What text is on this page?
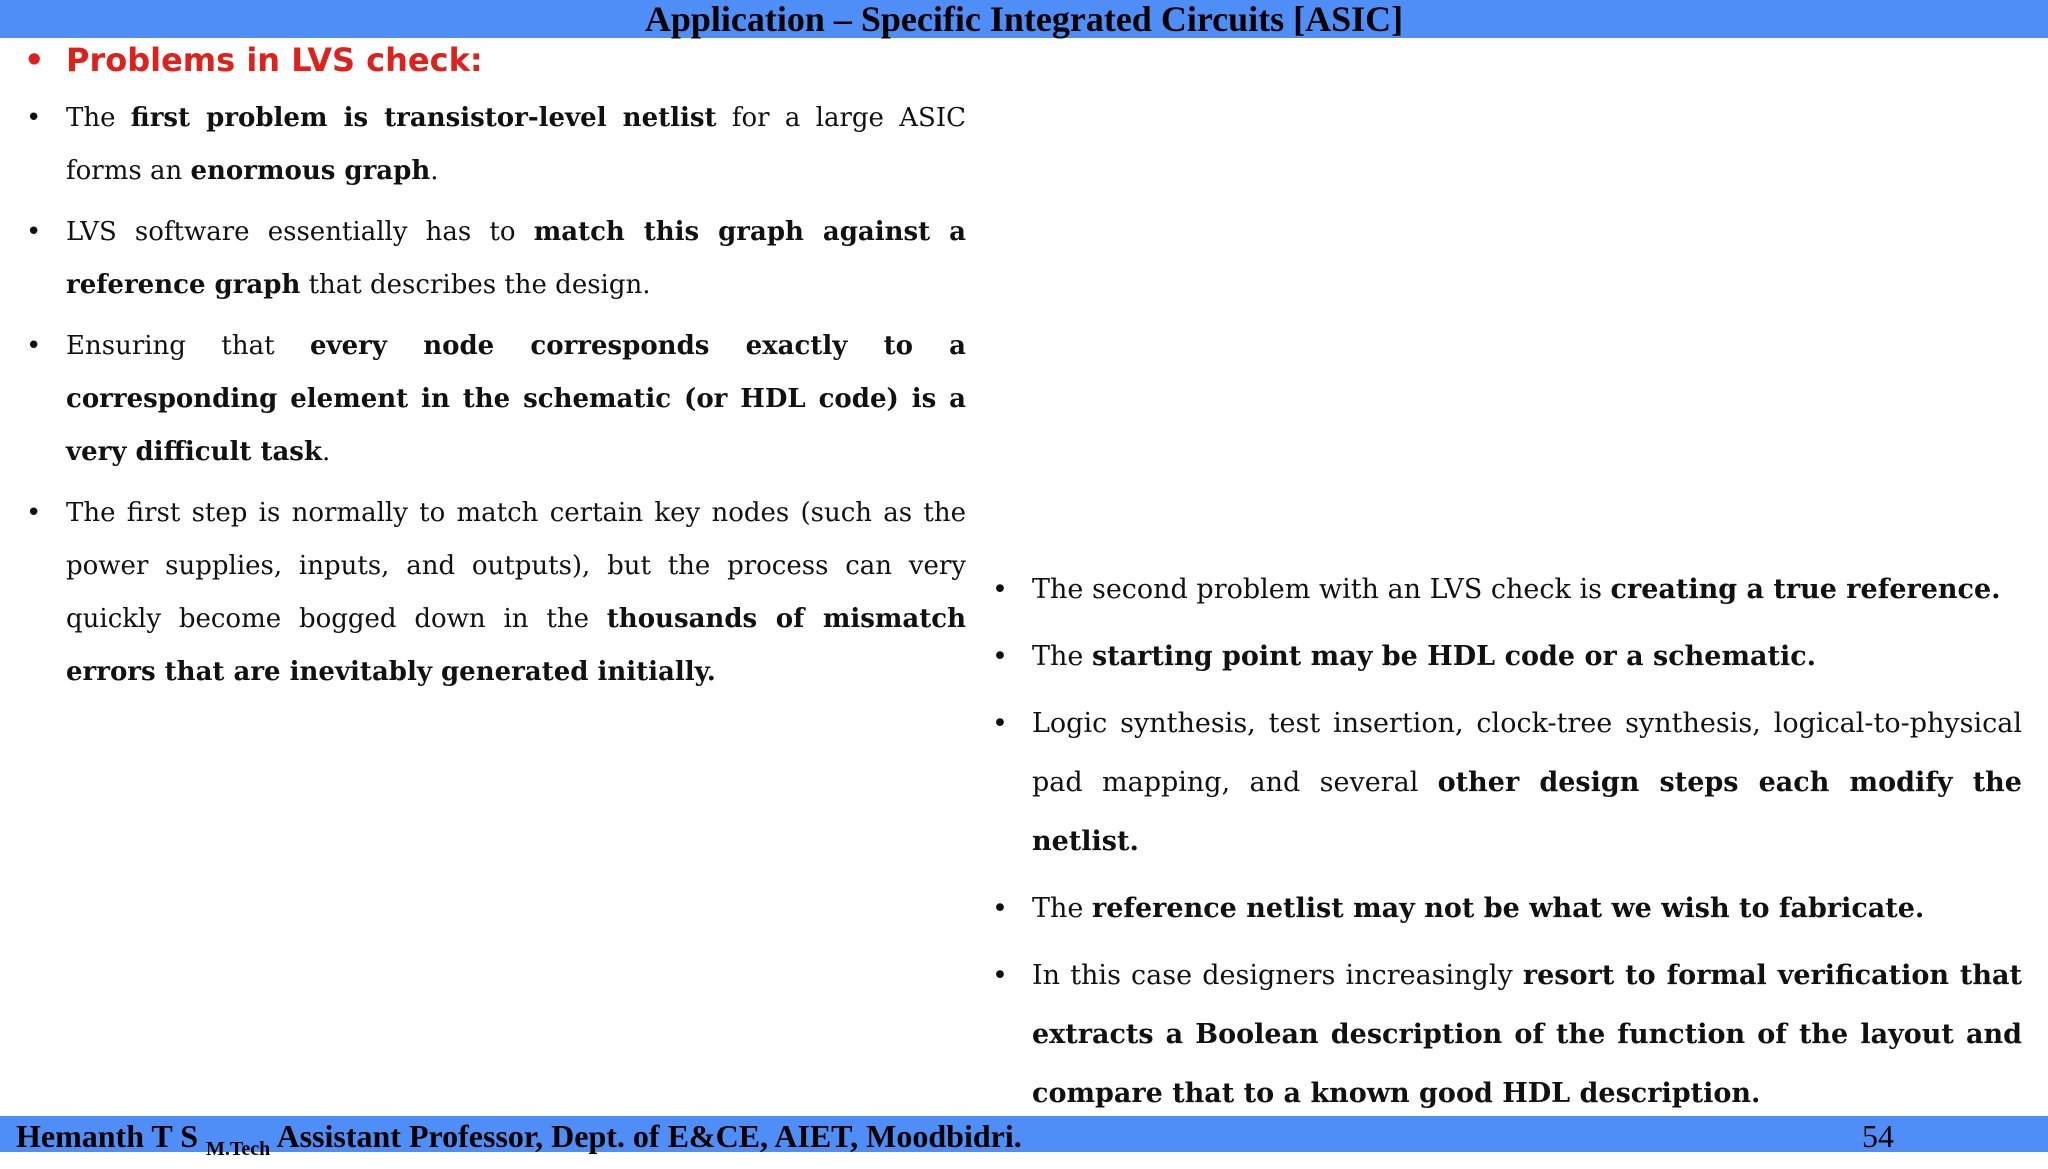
Application – Specific Integrated Circuits [ASIC]
• Problems in LVS check:
• The first problem is transistor-level netlist for a large ASIC forms an enormous graph.
• LVS software essentially has to match this graph against a reference graph that describes the design.
• Ensuring that every node corresponds exactly to a corresponding element in the schematic (or HDL code) is a very difficult task.
• The first step is normally to match certain key nodes (such as the power supplies, inputs, and outputs), but the process can very quickly become bogged down in the thousands of mismatch errors that are inevitably generated initially.
• The second problem with an LVS check is creating a true reference.
• The starting point may be HDL code or a schematic.
• Logic synthesis, test insertion, clock-tree synthesis, logical-to-physical pad mapping, and several other design steps each modify the netlist.
• The reference netlist may not be what we wish to fabricate.
• In this case designers increasingly resort to formal verification that extracts a Boolean description of the function of the layout and compare that to a known good HDL description.
Hemanth T S $_{M.Tech}$ Assistant Professor, Dept. of E&CE, AIET, Moodbidri.	54
